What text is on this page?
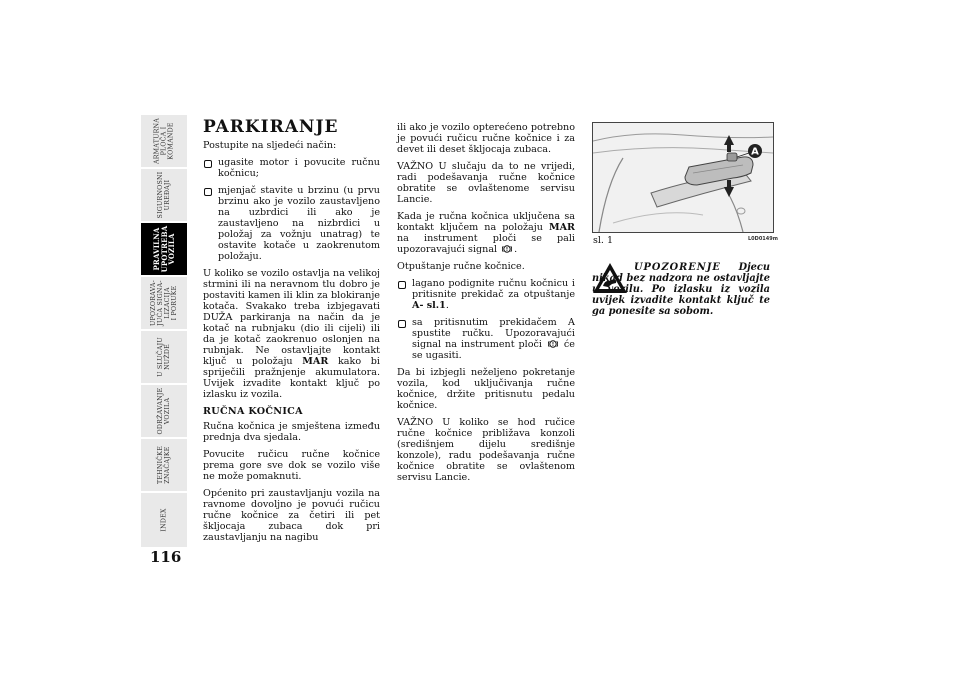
ARMATURNA
PLOČA I
KOMANDE
SIGURNOSNI
UREĐAJI
PRAVILNA
UPOTREBA
VOZILA
UPOZORAVA-
JUĆA SIGNA-
LIZACIJA
I PORUKE
U SLUČAJU
NUŽDE
ODRŽAVANJE
VOZILA
TEHNIČKE
ZNAČAJKE
INDEX
116

PARKIRANJE

Postupite na sljedeći način:

ugasite motor i povucite ručnu kočnicu;

mjenjač stavite u brzinu (u prvu brzinu ako je vozilo zaustavljeno na uzbrdici ili ako je zaustavljeno na nizbrdici u položaj za vožnju unatrag) te ostavite kotače u zaokrenutom položaju.

U koliko se vozilo ostavlja na velikoj strmini ili na neravnom tlu dobro je postaviti kamen ili klin za blokiranje kotača. Svakako treba izbjegavati DUŽA parkiranja na način da je kotač na rubnjaku (dio ili cijeli) ili da je kotač zaokrenuo oslonjen na rubnjak. Ne ostavljajte kontakt ključ u položaju MAR kako bi spriječili pražnjenje akumulatora. Uvijek izvadite kontakt ključ po izlasku iz vozila.

RUČNA KOČNICA

Ručna kočnica je smještena između prednja dva sjedala.

Povucite ručicu ručne kočnice prema gore sve dok se vozilo više ne može pomaknuti.

Općenito pri zaustavljanju vozila na ravnome dovoljno je povući ručicu ručne kočnice za četiri ili pet škljocaja zubaca dok pri zaustavljanju na nagibu

ili ako je vozilo opterećeno potrebno je povući ručicu ručne kočnice i za devet ili deset škljocaja zubaca.

VAŽNO U slučaju da to ne vrijedi, radi podešavanja ručne kočnice obratite se ovlaštenome servisu Lancie.

Kada je ručna kočnica uključena sa kontakt ključem na položaju MAR na instrument ploči se pali upozoravajući signal ! .

Otpuštanje ručne kočnice.

lagano podignite ručnu kočnicu i pritisnite prekidač za otpuštanje A- sl.1.

sa pritisnutim prekidačem A spustite ručku. Upozoravajući signal na instrument ploči ! će se ugasiti.

Da bi izbjegli neželjeno pokretanje vozila, kod uključivanja ručne kočnice, držite pritisnutu pedalu kočnice.

VAŽNO U koliko se hod ručice ručne kočnice približava konzoli (središnjem dijelu središnje konzole), radu podešavanja ručne kočnice obratite se ovlaštenom servisu Lancie.

A
sl. 1	L0D0149m
UPOZORENJE Djecu nikad bez nadzora ne ostavljajte u vozilu. Po izlasku iz vozila uvijek izvadite kontakt ključ te ga ponesite sa sobom.
